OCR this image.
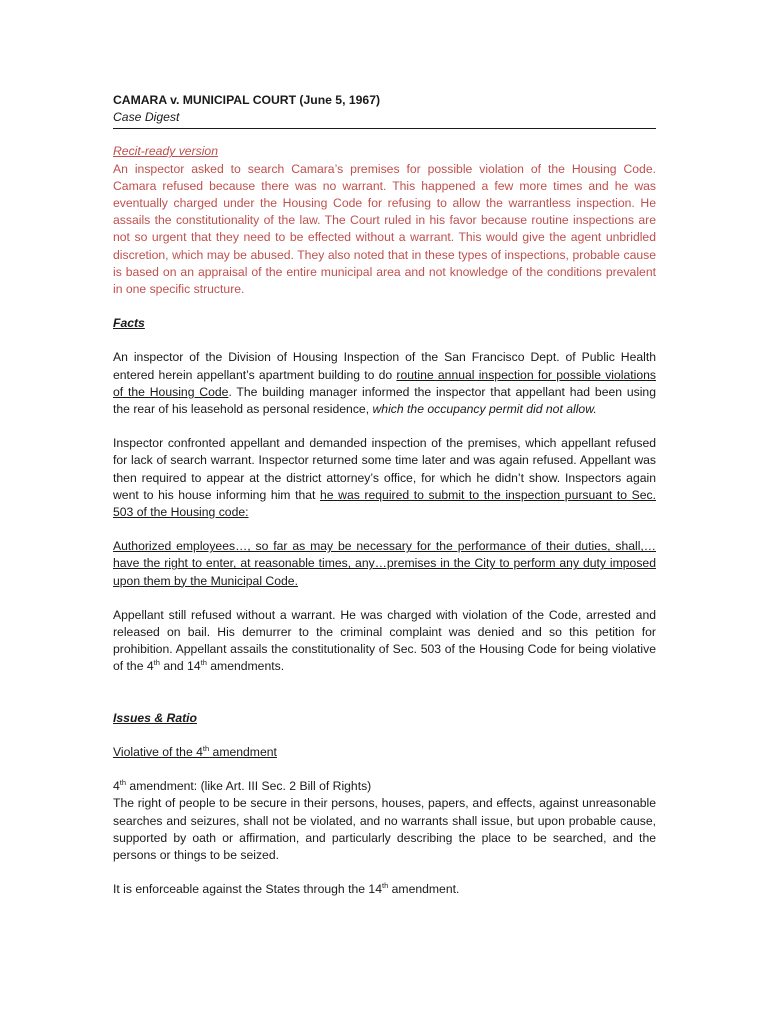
CAMARA v. MUNICIPAL COURT (June 5, 1967)

Case Digest

Recit-ready version
An inspector asked to search Camara’s premises for possible violation of the Housing Code. Camara refused because there was no warrant. This happened a few more times and he was eventually charged under the Housing Code for refusing to allow the warrantless inspection. He assails the constitutionality of the law. The Court ruled in his favor because routine inspections are not so urgent that they need to be effected without a warrant. This would give the agent unbridled discretion, which may be abused. They also noted that in these types of inspections, probable cause is based on an appraisal of the entire municipal area and not knowledge of the conditions prevalent in one specific structure.

Facts

An inspector of the Division of Housing Inspection of the San Francisco Dept. of Public Health entered herein appellant’s apartment building to do routine annual inspection for possible violations of the Housing Code. The building manager informed the inspector that appellant had been using the rear of his leasehold as personal residence, which the occupancy permit did not allow.

Inspector confronted appellant and demanded inspection of the premises, which appellant refused for lack of search warrant. Inspector returned some time later and was again refused. Appellant was then required to appear at the district attorney’s office, for which he didn’t show. Inspectors again went to his house informing him that he was required to submit to the inspection pursuant to Sec. 503 of the Housing code:

Authorized employees…, so far as may be necessary for the performance of their duties, shall,…have the right to enter, at reasonable times, any…premises in the City to perform any duty imposed upon them by the Municipal Code.

Appellant still refused without a warrant. He was charged with violation of the Code, arrested and released on bail. His demurrer to the criminal complaint was denied and so this petition for prohibition. Appellant assails the constitutionality of Sec. 503 of the Housing Code for being violative of the 4th and 14th amendments.

Issues & Ratio

Violative of the 4th amendment

4th amendment: (like Art. III Sec. 2 Bill of Rights)

The right of people to be secure in their persons, houses, papers, and effects, against unreasonable searches and seizures, shall not be violated, and no warrants shall issue, but upon probable cause, supported by oath or affirmation, and particularly describing the place to be searched, and the persons or things to be seized.

It is enforceable against the States through the 14th amendment.
